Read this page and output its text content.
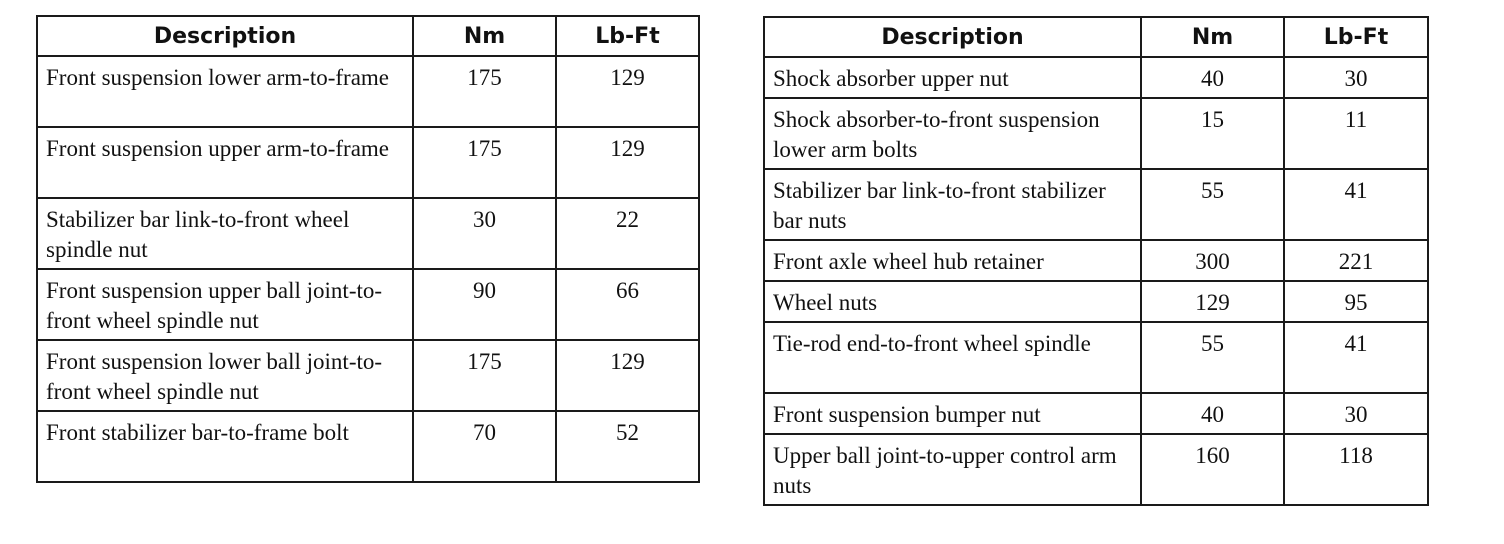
Description	Nm	Lb-Ft
Front suspension lower arm-to-frame	175	129
Front suspension upper arm-to-frame	175	129
Stabilizer bar link-to-front wheel spindle nut	30	22
Front suspension upper ball joint-to-front wheel spindle nut	90	66
Front suspension lower ball joint-to-front wheel spindle nut	175	129
Front stabilizer bar-to-frame bolt	70	52
Description	Nm	Lb-Ft
Shock absorber upper nut	40	30
Shock absorber-to-front suspension lower arm bolts	15	11
Stabilizer bar link-to-front stabilizer bar nuts	55	41
Front axle wheel hub retainer	300	221
Wheel nuts	129	95
Tie-rod end-to-front wheel spindle	55	41
Front suspension bumper nut	40	30
Upper ball joint-to-upper control arm nuts	160	118
